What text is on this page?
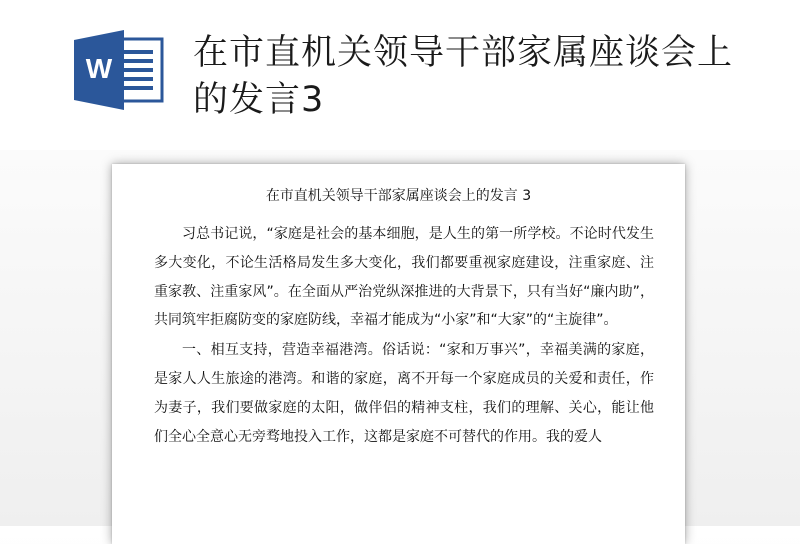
W 在市直机关领导干部家属座谈会上的发言3
在市直机关领导干部家属座谈会上的发言 3

习总书记说，“家庭是社会的基本细胞，是人生的第一所学校。不论时代发生多大变化，不论生活格局发生多大变化，我们都要重视家庭建设，注重家庭、注重家教、注重家风”。在全面从严治党纵深推进的大背景下，只有当好“廉内助”，共同筑牢拒腐防变的家庭防线，幸福才能成为“小家”和“大家”的“主旋律”。

一、相互支持，营造幸福港湾。俗话说：“家和万事兴”，幸福美满的家庭，是家人人生旅途的港湾。和谐的家庭，离不开每一个家庭成员的关爱和责任，作为妻子，我们要做家庭的太阳，做伴侣的精神支柱，我们的理解、关心，能让他们全心全意心无旁骛地投入工作，这都是家庭不可替代的作用。我的爱人
